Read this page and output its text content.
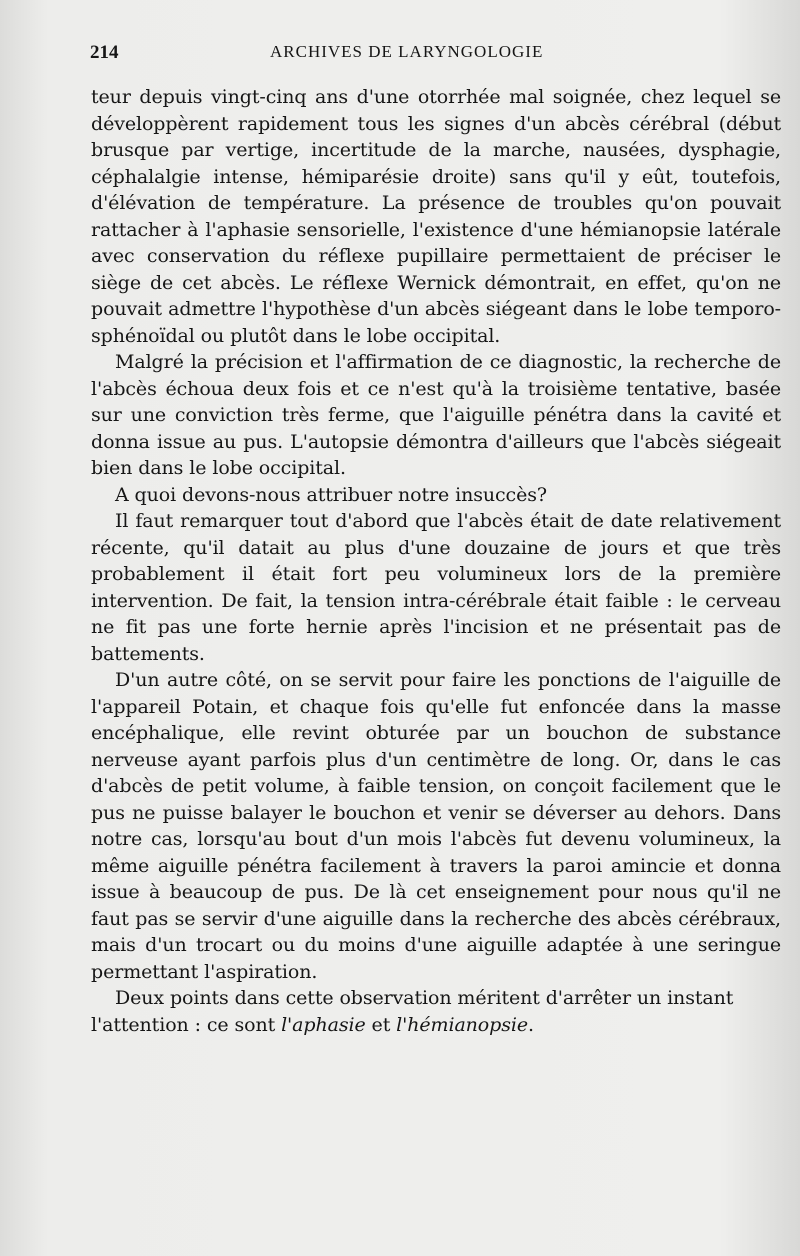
214	ARCHIVES DE LARYNGOLOGIE

teur depuis vingt-cinq ans d'une otorrhée mal soignée, chez lequel se développèrent rapidement tous les signes d'un abcès cérébral (début brusque par vertige, incertitude de la marche, nausées, dysphagie, céphalalgie intense, hémiparésie droite) sans qu'il y eût, toutefois, d'élévation de température. La présence de troubles qu'on pouvait rattacher à l'aphasie sensorielle, l'existence d'une hémianopsie latérale avec conservation du réflexe pupillaire permettaient de préciser le siège de cet abcès. Le réflexe Wernick démontrait, en effet, qu'on ne pouvait admettre l'hypothèse d'un abcès siégeant dans le lobe temporo-sphénoïdal ou plutôt dans le lobe occipital.

Malgré la précision et l'affirmation de ce diagnostic, la recherche de l'abcès échoua deux fois et ce n'est qu'à la troisième tentative, basée sur une conviction très ferme, que l'aiguille pénétra dans la cavité et donna issue au pus. L'autopsie démontra d'ailleurs que l'abcès siégeait bien dans le lobe occipital.

A quoi devons-nous attribuer notre insuccès?

Il faut remarquer tout d'abord que l'abcès était de date relativement récente, qu'il datait au plus d'une douzaine de jours et que très probablement il était fort peu volumineux lors de la première intervention. De fait, la tension intra-cérébrale était faible : le cerveau ne fit pas une forte hernie après l'incision et ne présentait pas de battements.

D'un autre côté, on se servit pour faire les ponctions de l'aiguille de l'appareil Potain, et chaque fois qu'elle fut enfoncée dans la masse encéphalique, elle revint obturée par un bouchon de substance nerveuse ayant parfois plus d'un centimètre de long. Or, dans le cas d'abcès de petit volume, à faible tension, on conçoit facilement que le pus ne puisse balayer le bouchon et venir se déverser au dehors. Dans notre cas, lorsqu'au bout d'un mois l'abcès fut devenu volumineux, la même aiguille pénétra facilement à travers la paroi amincie et donna issue à beaucoup de pus. De là cet enseignement pour nous qu'il ne faut pas se servir d'une aiguille dans la recherche des abcès cérébraux, mais d'un trocart ou du moins d'une aiguille adaptée à une seringue permettant l'aspiration.

Deux points dans cette observation méritent d'arrêter un instant l'attention : ce sont l'aphasie et l'hémianopsie.
